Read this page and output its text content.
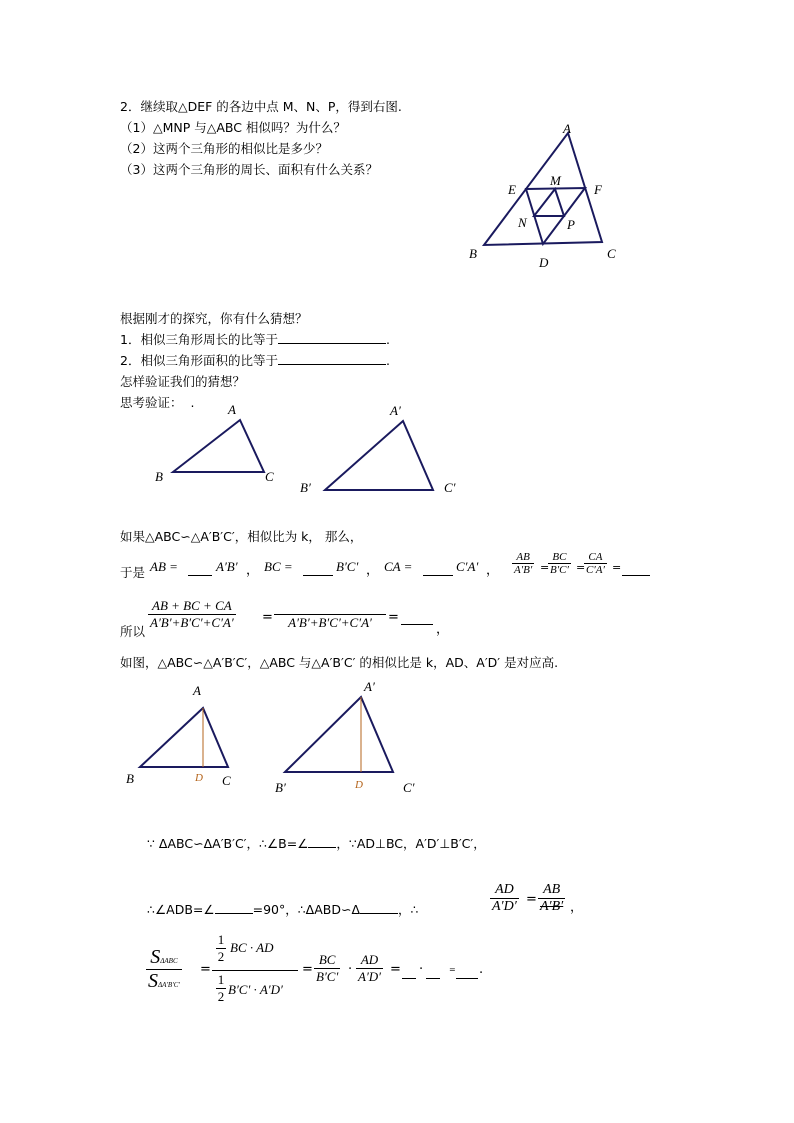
2．继续取△DEF 的各边中点 M、N、P，得到右图.
（1）△MNP 与△ABC 相似吗？为什么？
（2）这两个三角形的相似比是多少？
（3）这两个三角形的周长、面积有什么关系？
A
E
M
F
N	P
B
D
C
根据刚才的探究，你有什么猜想？
1．相似三角形周长的比等于	.
2．相似三角形面积的比等于	.
怎样验证我们的猜想？
思考验证： .	A
B	C
A′
B′	C′
如果△ABC∽△A′B′C′，相似比为 k， 那么，
于是 AB =	A′B′ ， BC =	B′C′ ， CA =	C′A′ ， $\frac{AB}{A'B'}$ =
$\frac{BC}{B'C'}$ =
$\frac{CA}{C'A'}$ =
所以
$\frac{AB + BC + CA}{A'B'+B'C'+C'A'}$ =
	A′B′+B′C′+C′A′	=
，
如图，△ABC∽△A′B′C′，△ABC 与△A′B′C′ 的相似比是 k，AD、A′D′ 是对应高.
A
B	D C
A′
B′	D	C′
∵ ΔABC∽ΔA′B′C′，∴∠B=∠ ，∵AD⊥BC，A′D′⊥B′C′，
∴∠ADB=∠	=90°，∴ΔABD∽Δ	，∴	$\frac{AD}{A'D'} = \frac{AB}{A'B'}$ ，
SΔABC
SΔA′B′C′
=
1
2
BC · AD
1
2 B′C′ · A′D′
= $\frac{BC}{B'C'} \cdot \frac{AD}{A'D'}$ = ·	= .
